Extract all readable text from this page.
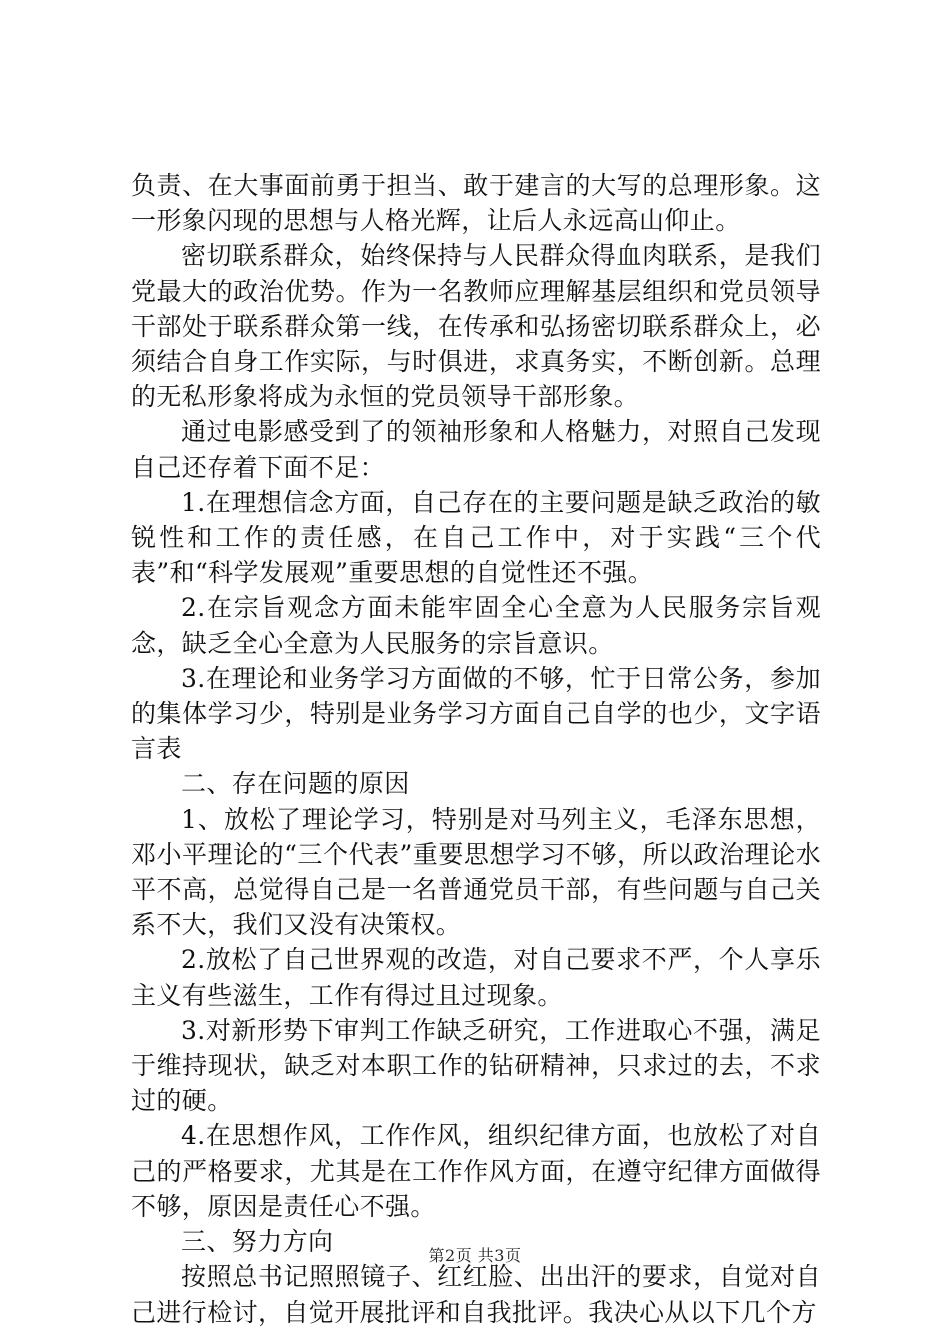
负责、在大事面前勇于担当、敢于建言的大写的总理形象。这一形象闪现的思想与人格光辉，让后人永远高山仰止。

密切联系群众，始终保持与人民群众得血肉联系，是我们党最大的政治优势。作为一名教师应理解基层组织和党员领导干部处于联系群众第一线，在传承和弘扬密切联系群众上，必须结合自身工作实际，与时俱进，求真务实，不断创新。总理的无私形象将成为永恒的党员领导干部形象。

通过电影感受到了的领袖形象和人格魅力，对照自己发现自己还存着下面不足：

1.在理想信念方面，自己存在的主要问题是缺乏政治的敏锐性和工作的责任感，在自己工作中，对于实践“三个代表”和“科学发展观”重要思想的自觉性还不强。

2.在宗旨观念方面未能牢固全心全意为人民服务宗旨观念，缺乏全心全意为人民服务的宗旨意识。

3.在理论和业务学习方面做的不够，忙于日常公务，参加的集体学习少，特别是业务学习方面自己自学的也少，文字语言表

二、存在问题的原因

1、放松了理论学习，特别是对马列主义，毛泽东思想，邓小平理论的“三个代表”重要思想学习不够，所以政治理论水平不高，总觉得自己是一名普通党员干部，有些问题与自己关系不大，我们又没有决策权。

2.放松了自己世界观的改造，对自己要求不严，个人享乐主义有些滋生，工作有得过且过现象。

3.对新形势下审判工作缺乏研究，工作进取心不强，满足于维持现状，缺乏对本职工作的钻研精神，只求过的去，不求过的硬。

4.在思想作风，工作作风，组织纪律方面，也放松了对自己的严格要求，尤其是在工作作风方面，在遵守纪律方面做得不够，原因是责任心不强。

三、努力方向

按照总书记照照镜子、红红脸、出出汗的要求，自觉对自己进行检讨，自觉开展批评和自我批评。我决心从以下几个方

第2页 共3页
